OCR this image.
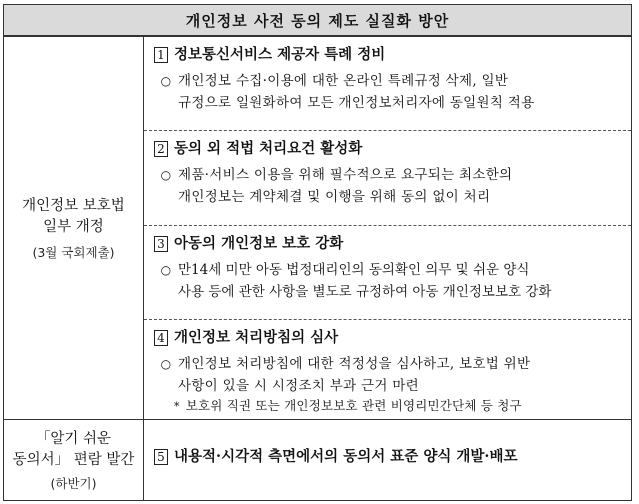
개인정보 사전 동의 제도 실질화 방안
개인정보 보호법
일부 개정
(3월 국회제출)
1 정보통신서비스 제공자 특례 정비
○ 개인정보 수집·이용에 대한 온라인 특례규정 삭제, 일반
규정으로 일원화하여 모든 개인정보처리자에 동일원칙 적용
2 동의 외 적법 처리요건 활성화
○ 제품·서비스 이용을 위해 필수적으로 요구되는 최소한의
개인정보는 계약체결 및 이행을 위해 동의 없이 처리
3 아동의 개인정보 보호 강화
○ 만14세 미만 아동 법정대리인의 동의확인 의무 및 쉬운 양식
사용 등에 관한 사항을 별도로 규정하여 아동 개인정보보호 강화
4 개인정보 처리방침의 심사
○ 개인정보 처리방침에 대한 적정성을 심사하고, 보호법 위반
사항이 있을 시 시정조치 부과 근거 마련
* 보호위 직권 또는 개인정보보호 관련 비영리민간단체 등 청구
「알기 쉬운
동의서」 편람 발간
(하반기)
5 내용적·시각적 측면에서의 동의서 표준 양식 개발·배포
